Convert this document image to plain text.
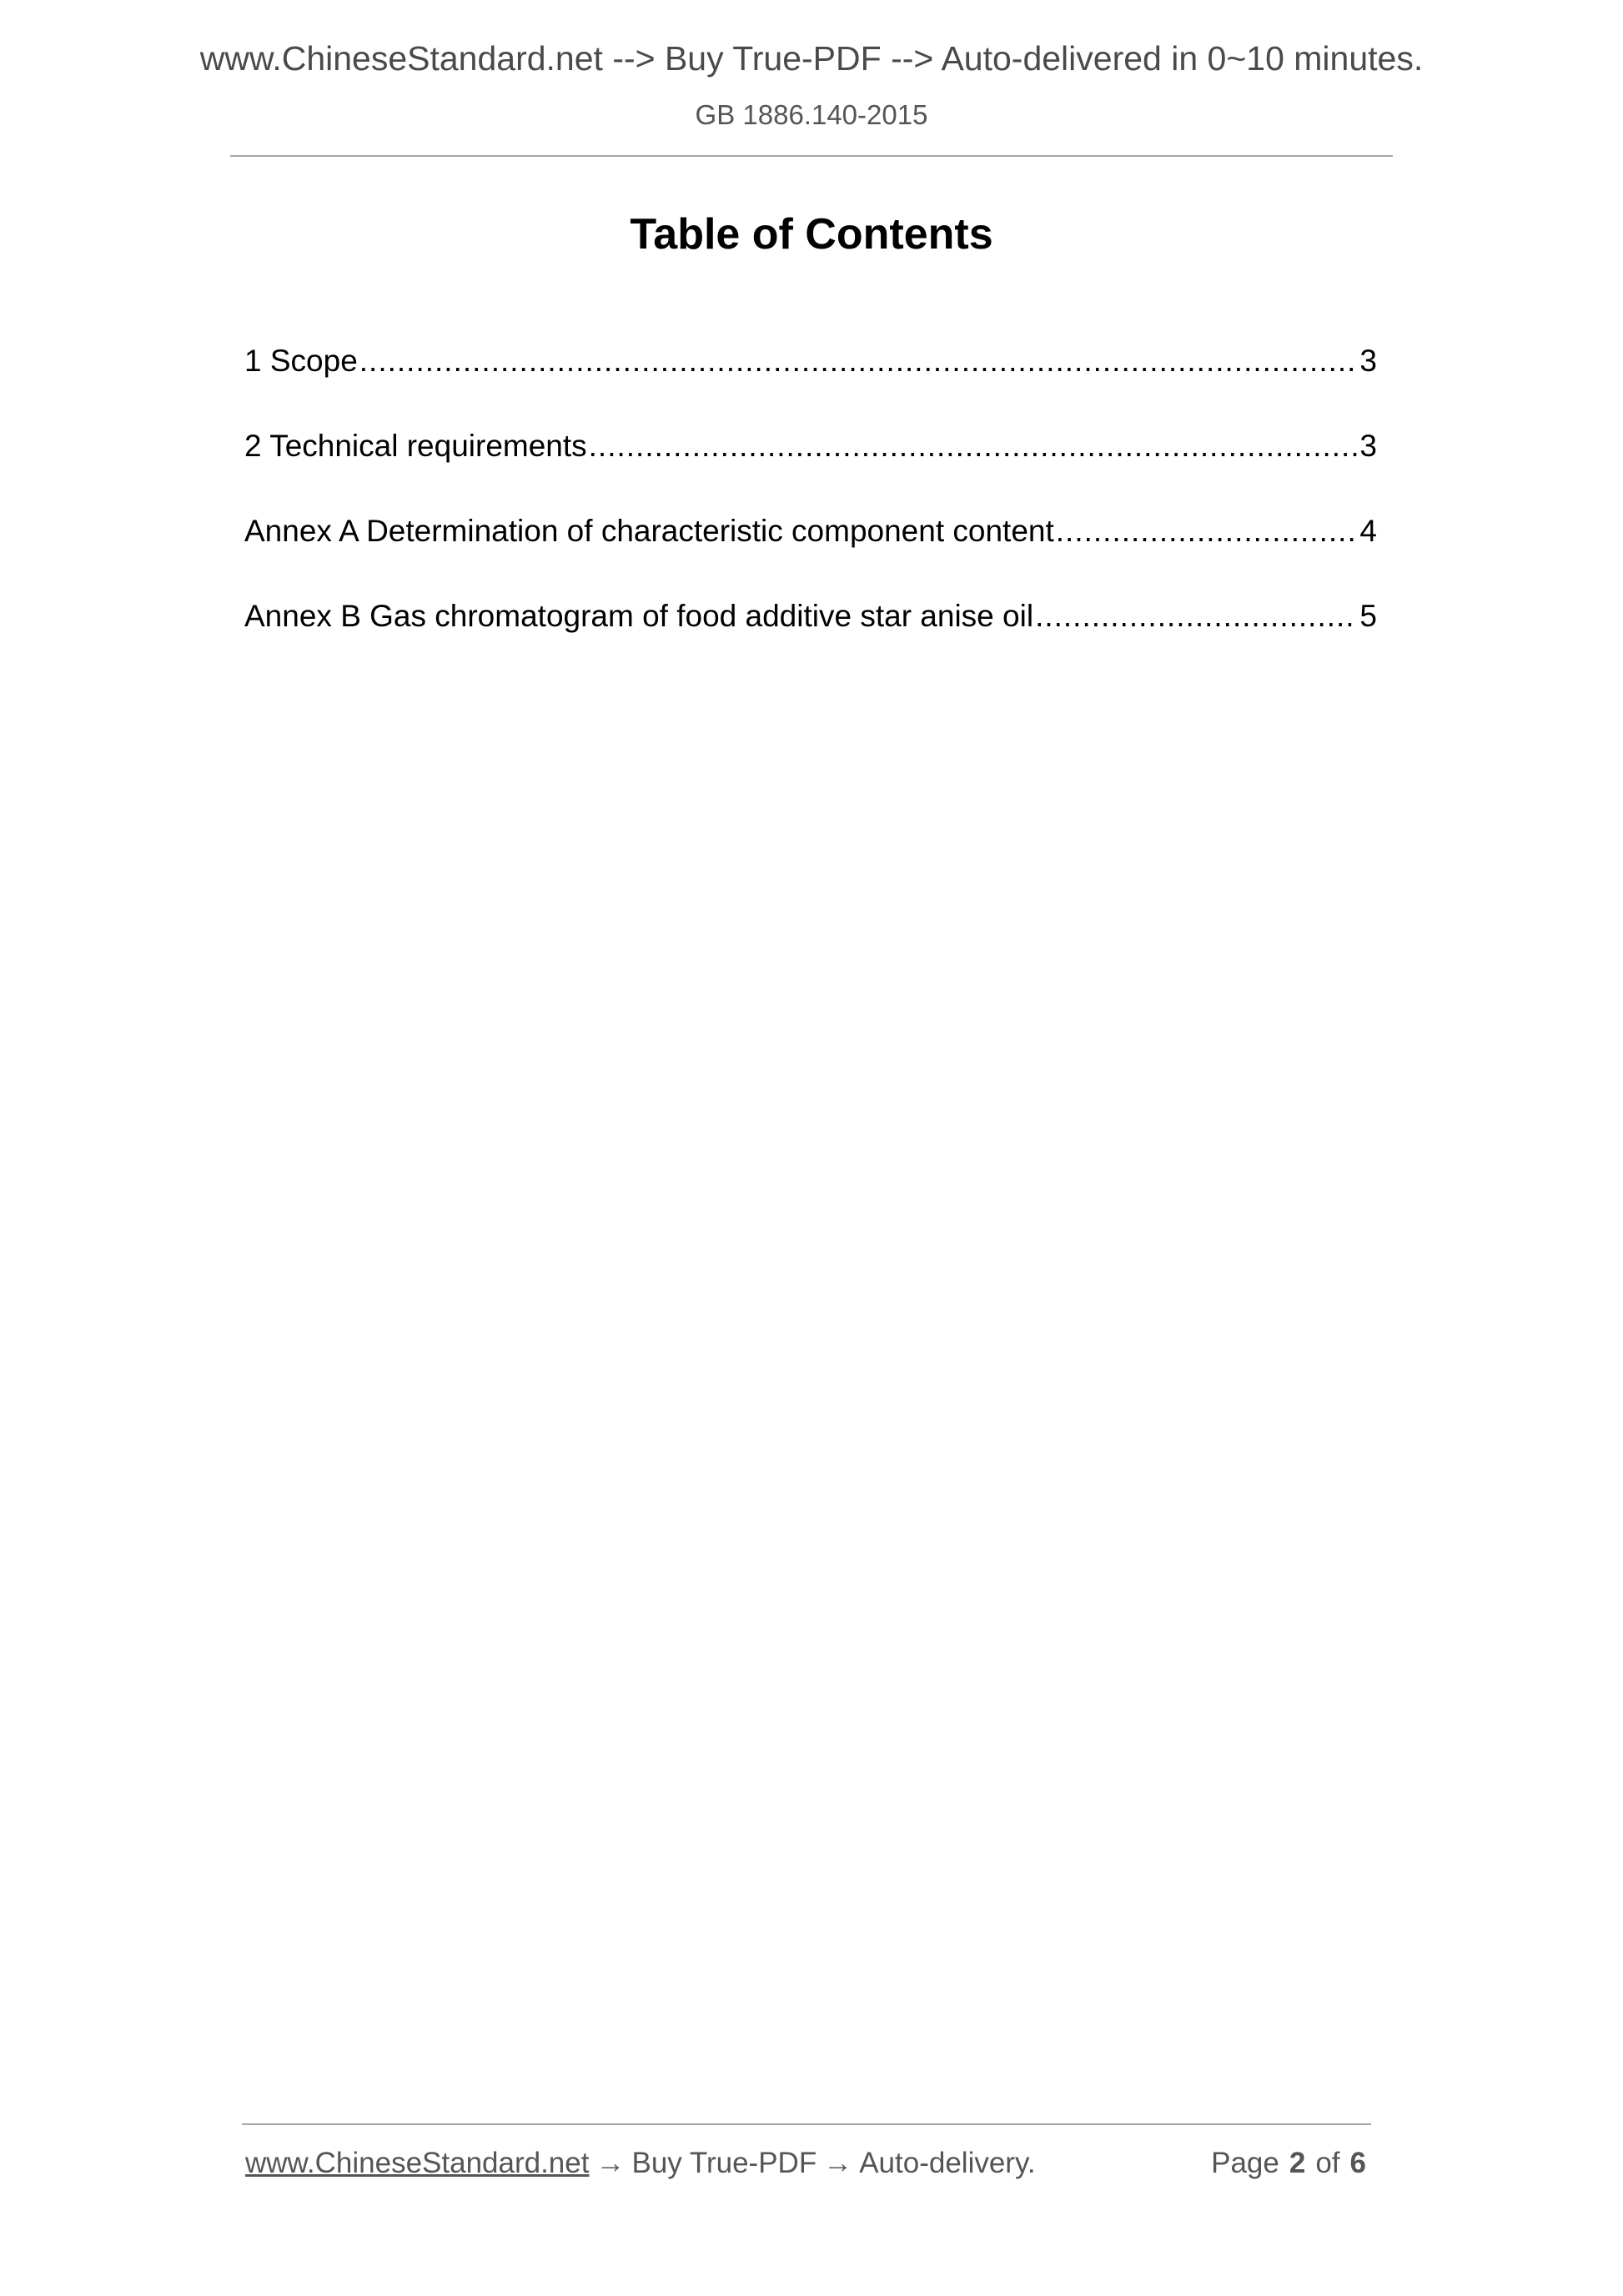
www.ChineseStandard.net --> Buy True-PDF --> Auto-delivered in 0~10 minutes.
GB 1886.140-2015
Table of Contents
1 Scope .....	3
2 Technical requirements .....	3
Annex A Determination of characteristic component content .....	4
Annex B Gas chromatogram of food additive star anise oil .....	5
www.ChineseStandard.net → Buy True-PDF → Auto-delivery.	Page 2 of 6
